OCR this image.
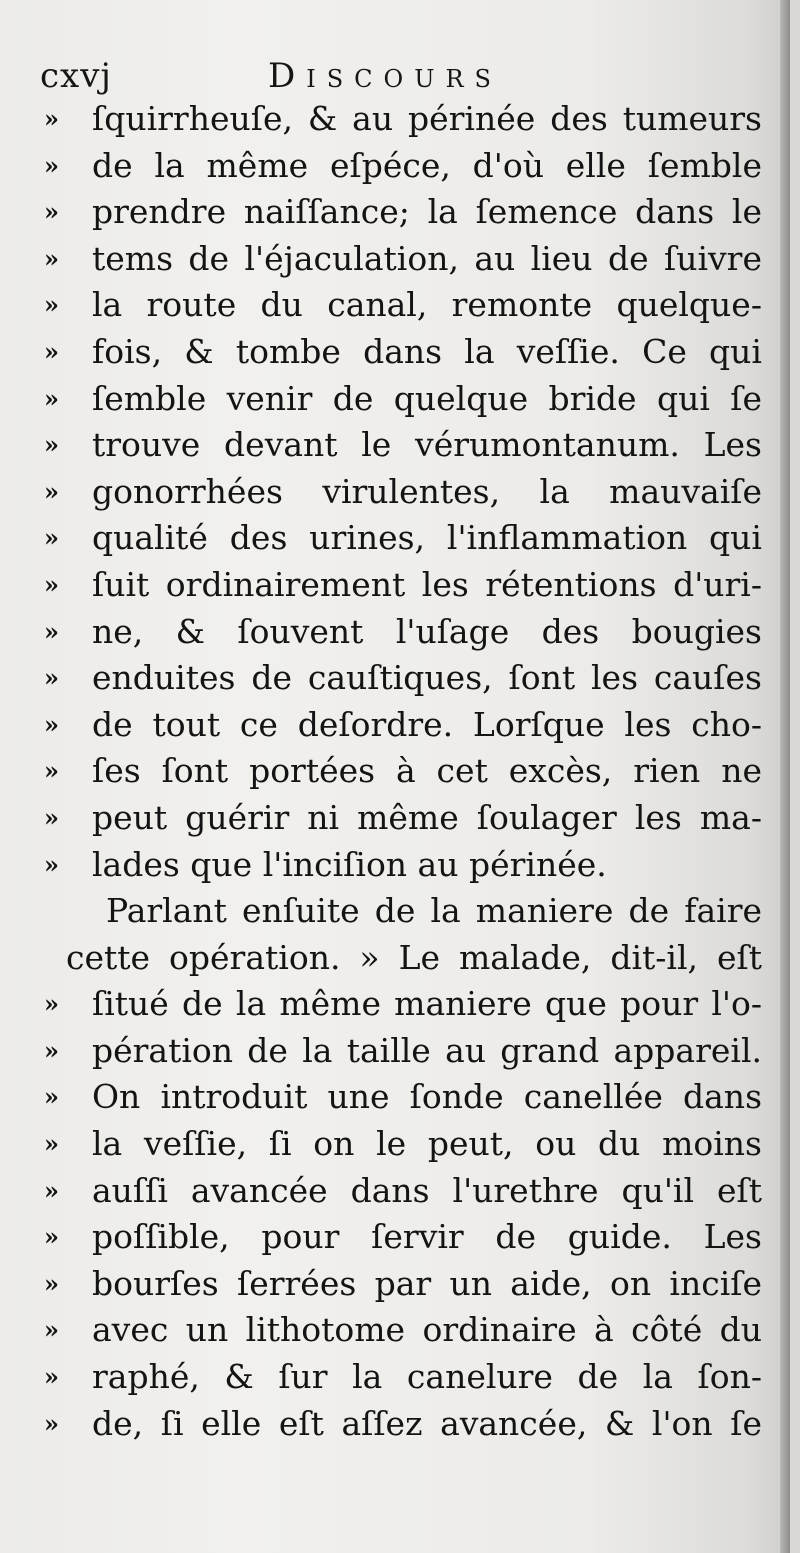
cxvj	Discours
»	ſquirrheuſe, & au périnée des tumeurs
»	de la même eſpéce, d'où elle ſemble
»	prendre naiſſance; la ſemence dans le
»	tems de l'éjaculation, au lieu de ſuivre
»	la route du canal, remonte quelque-
»	fois, & tombe dans la veſſie. Ce qui
»	ſemble venir de quelque bride qui ſe
»	trouve devant le vérumontanum. Les
»	gonorrhées virulentes, la mauvaiſe
»	qualité des urines, l'inflammation qui
»	ſuit ordinairement les rétentions d'uri-
»	ne, & ſouvent l'uſage des bougies
»	enduites de cauſtiques, ſont les cauſes
»	de tout ce deſordre. Lorſque les cho-
»	ſes ſont portées à cet excès, rien ne
»	peut guérir ni même ſoulager les ma-
»	lades que l'inciſion au périnée.
Parlant enſuite de la maniere de faire
cette opération. » Le malade, dit-il, eſt
»	ſitué de la même maniere que pour l'o-
»	pération de la taille au grand appareil.
»	On introduit une ſonde canellée dans
»	la veſſie, ſi on le peut, ou du moins
»	auſſi avancée dans l'urethre qu'il eſt
»	poſſible, pour ſervir de guide. Les
»	bourſes ſerrées par un aide, on inciſe
»	avec un lithotome ordinaire à côté du
»	raphé, & ſur la canelure de la ſon-
»	de, ſi elle eſt aſſez avancée, & l'on ſe
